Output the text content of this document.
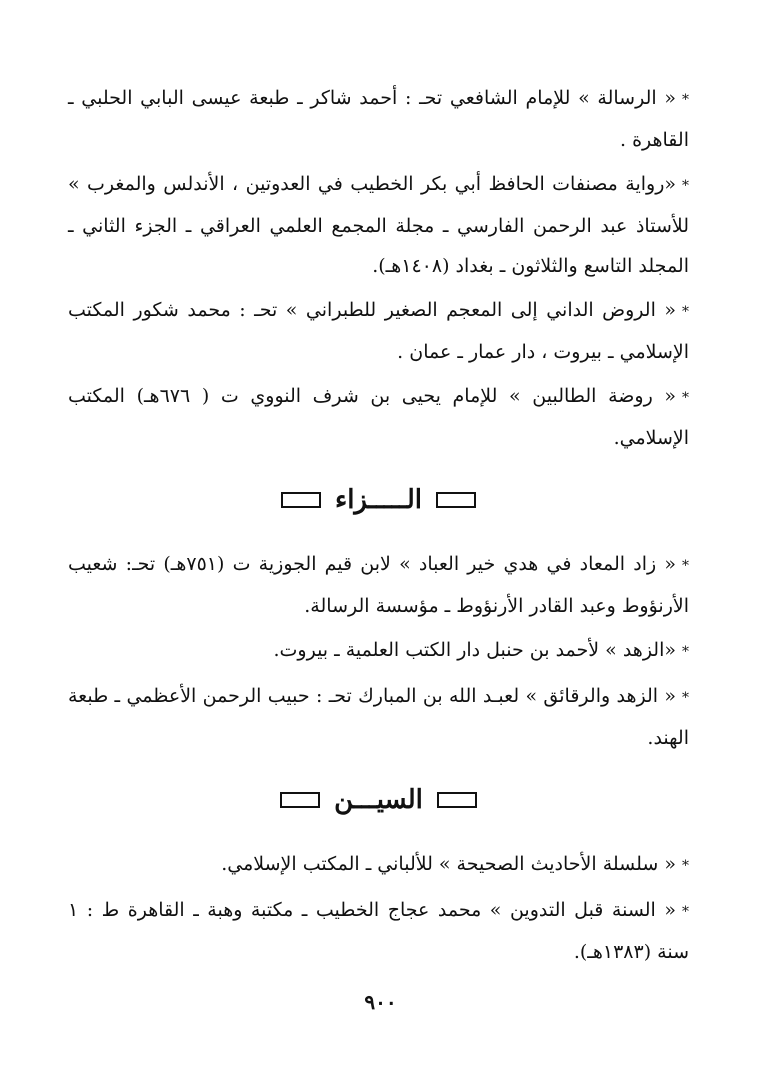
*« الرسالة » للإمام الشافعي تحـ : أحمد شاكر ـ طبعة عيسى البابي الحلبي ـ القاهرة .

*«رواية مصنفات الحافظ أبي بكر الخطيب في العدوتين ، الأندلس والمغرب » للأستاذ عبد الرحمن الفارسي ـ مجلة المجمع العلمي العراقي ـ الجزء الثاني ـ المجلد التاسع والثلاثون ـ بغداد (١٤٠٨هـ).

*« الروض الداني إلى المعجم الصغير للطبراني » تحـ : محمد شكور المكتب الإسلامي ـ بيروت ، دار عمار ـ عمان .

*« روضة الطالبين » للإمام يحيى بن شرف النووي ت ( ٦٧٦هـ) المكتب الإسلامي.

الـــــزاء

*« زاد المعاد في هدي خير العباد » لابن قيم الجوزية ت (٧٥١هـ) تحـ: شعيب الأرنؤوط وعبد القادر الأرنؤوط ـ مؤسسة الرسالة.

*«الزهد » لأحمد بن حنبل دار الكتب العلمية ـ بيروت.

*« الزهد والرقائق » لعبـد الله بن المبارك تحـ : حبيب الرحمن الأعظمي ـ طبعة الهند.

السيـــن

*« سلسلة الأحاديث الصحيحة » للألباني ـ المكتب الإسلامي.

*« السنة قبل التدوين » محمد عجاج الخطيب ـ مكتبة وهبة ـ القاهرة ط : ١ سنة (١٣٨٣هـ).

٩٠٠
